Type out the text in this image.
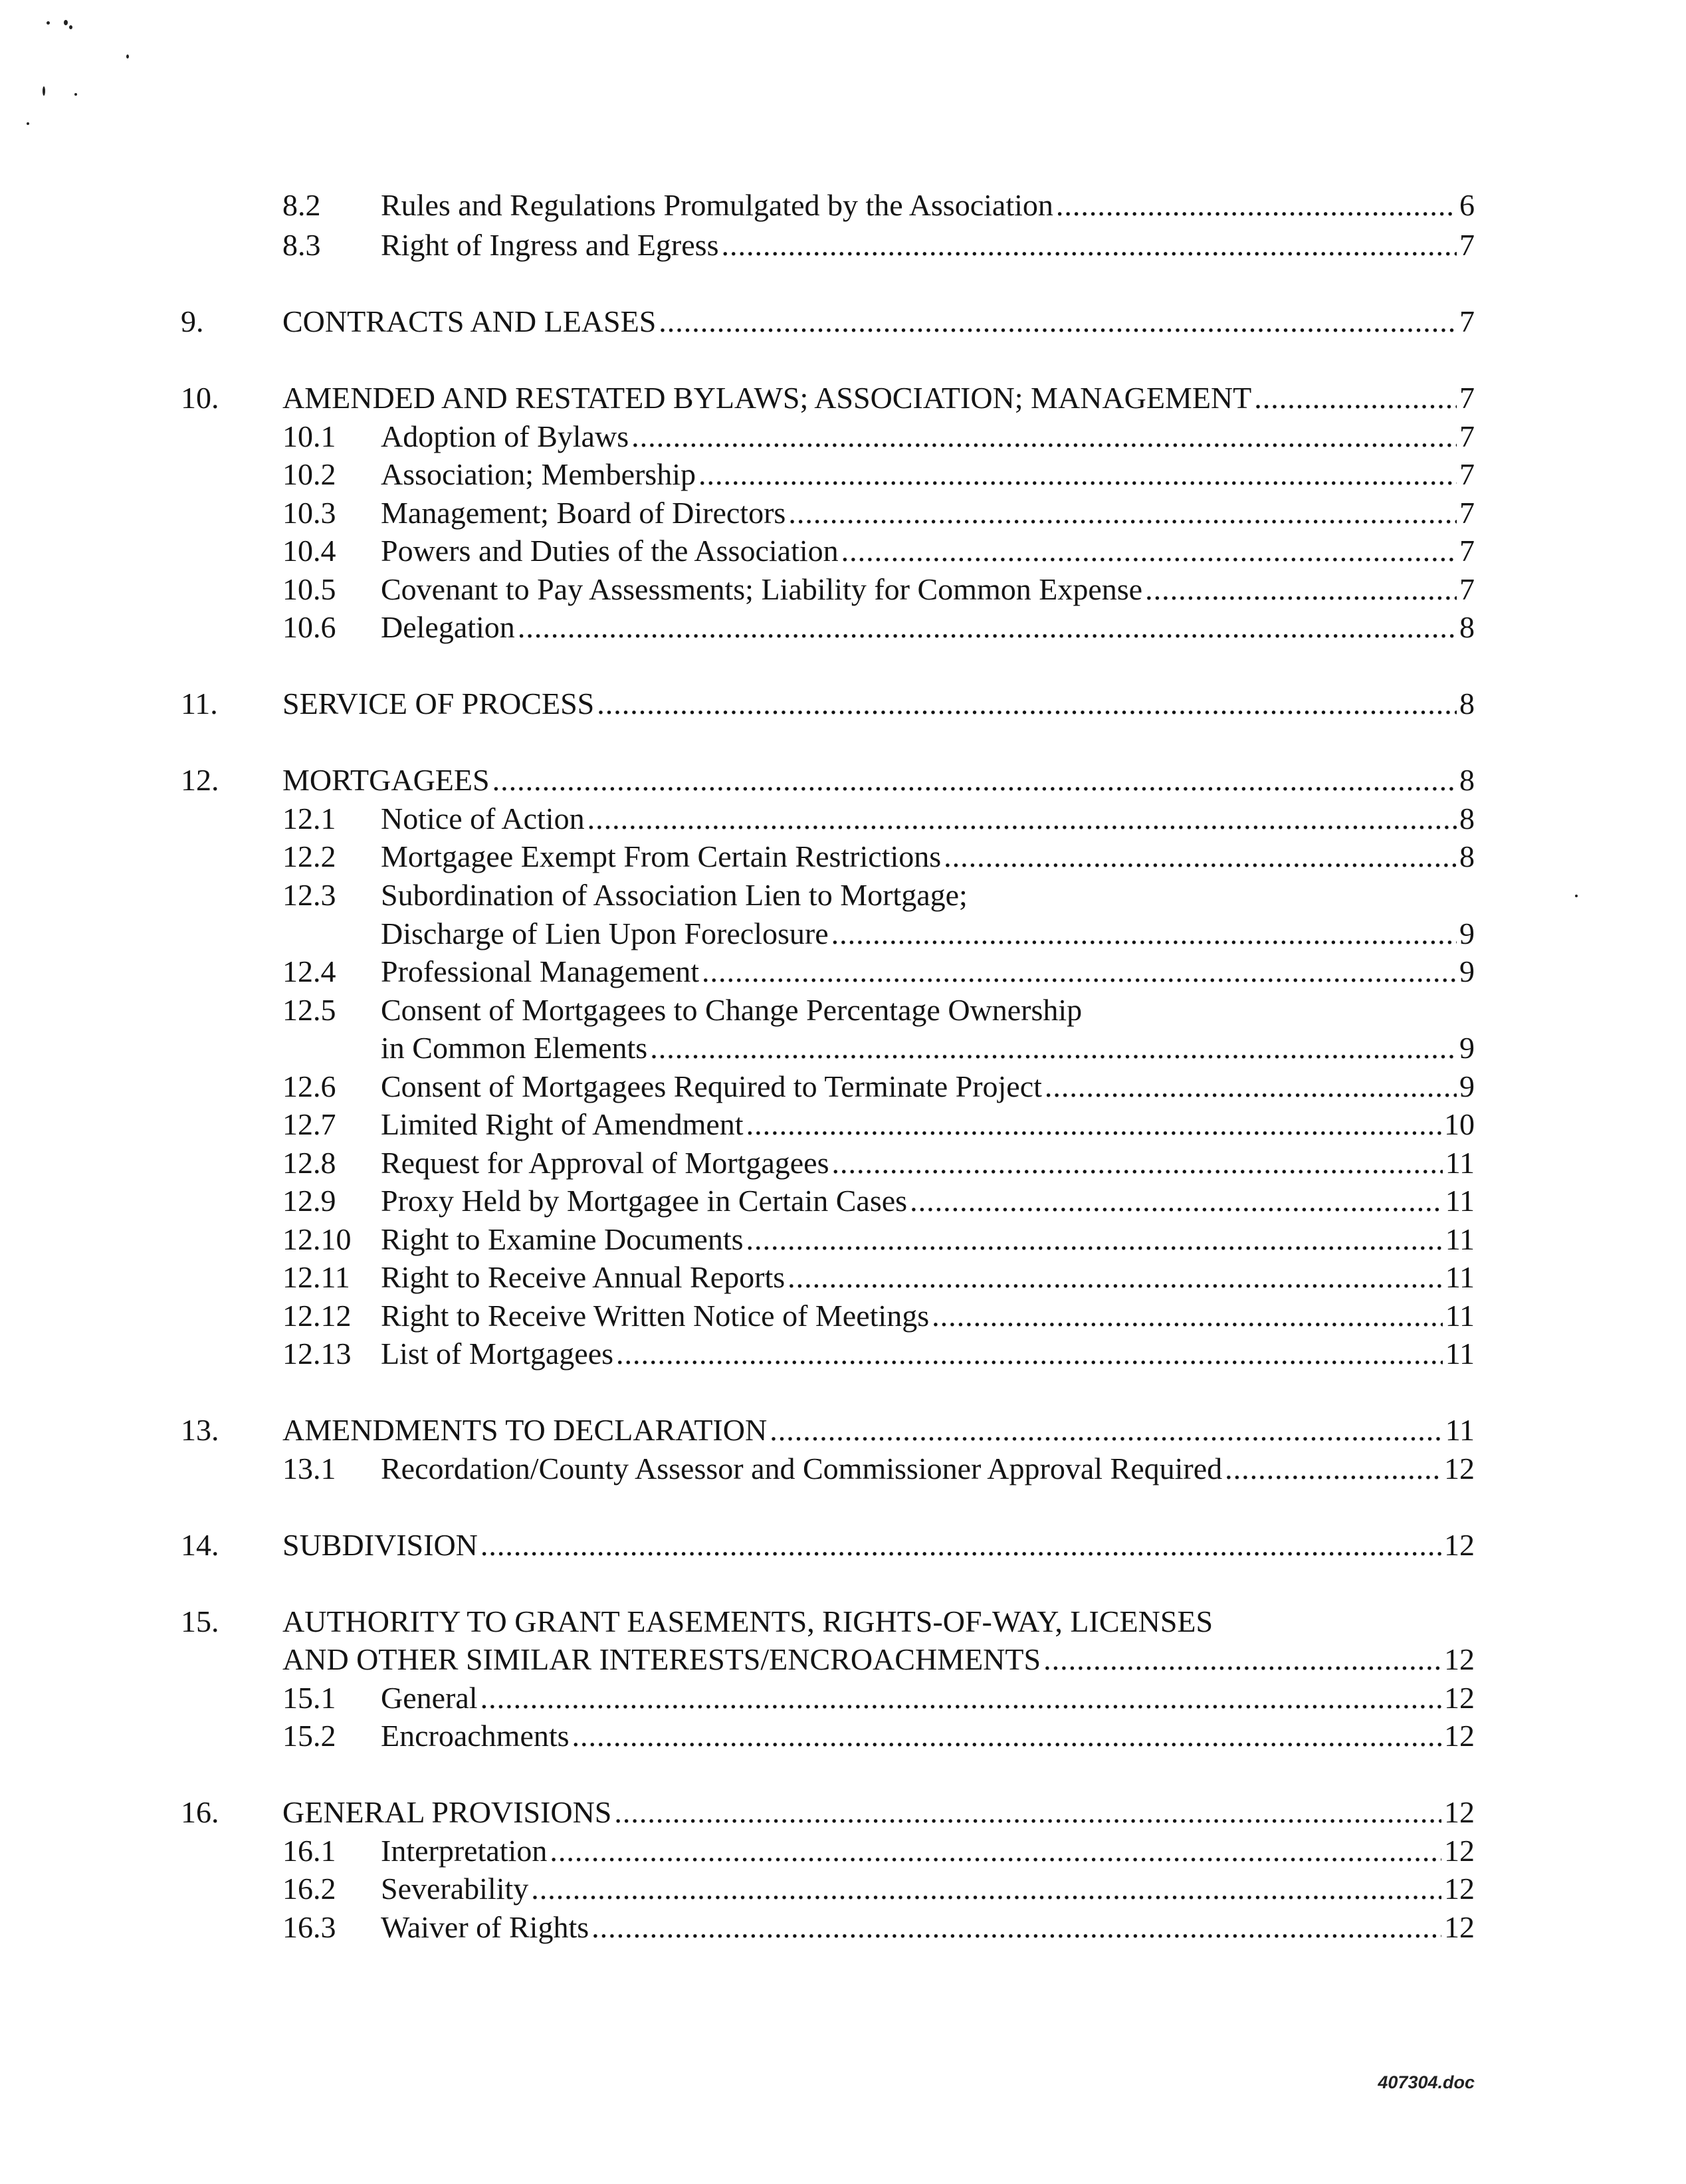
8.2 Rules and Regulations Promulgated by the Association .....	6
8.3 Right of Ingress and Egress .....	7
9.	CONTRACTS AND LEASES .....	7
10. AMENDED AND RESTATED BYLAWS; ASSOCIATION; MANAGEMENT .....	7
10.1 Adoption of Bylaws .....	7
10.2 Association; Membership .....	7
10.3 Management; Board of Directors .....	7
10.4 Powers and Duties of the Association .....	7
10.5 Covenant to Pay Assessments; Liability for Common Expense .....	7
10.6 Delegation .....	8
11. SERVICE OF PROCESS .....	8
12. MORTGAGEES .....	8
12.1 Notice of Action .....	8
12.2 Mortgagee Exempt From Certain Restrictions .....	8
12.3 Subordination of Association Lien to Mortgage;
Discharge of Lien Upon Foreclosure .....	9
12.4 Professional Management .....	9
12.5 Consent of Mortgagees to Change Percentage Ownership
in Common Elements .....	9
12.6 Consent of Mortgagees Required to Terminate Project .....	9
12.7 Limited Right of Amendment .....	10
12.8 Request for Approval of Mortgagees .....	11
12.9 Proxy Held by Mortgagee in Certain Cases .....	11
12.10 Right to Examine Documents .....	11
12.11 Right to Receive Annual Reports .....	11
12.12 Right to Receive Written Notice of Meetings .....	11
12.13 List of Mortgagees .....	11
13. AMENDMENTS TO DECLARATION .....	11
13.1 Recordation/County Assessor and Commissioner Approval Required .....	12
14. SUBDIVISION .....	12
15. AUTHORITY TO GRANT EASEMENTS, RIGHTS-OF-WAY, LICENSES
AND OTHER SIMILAR INTERESTS/ENCROACHMENTS .....	12
15.1 General .....	12
15.2 Encroachments .....	12
16. GENERAL PROVISIONS .....	12
16.1 Interpretation .....	12
16.2 Severability .....	12
16.3 Waiver of Rights .....	12
407304.doc
